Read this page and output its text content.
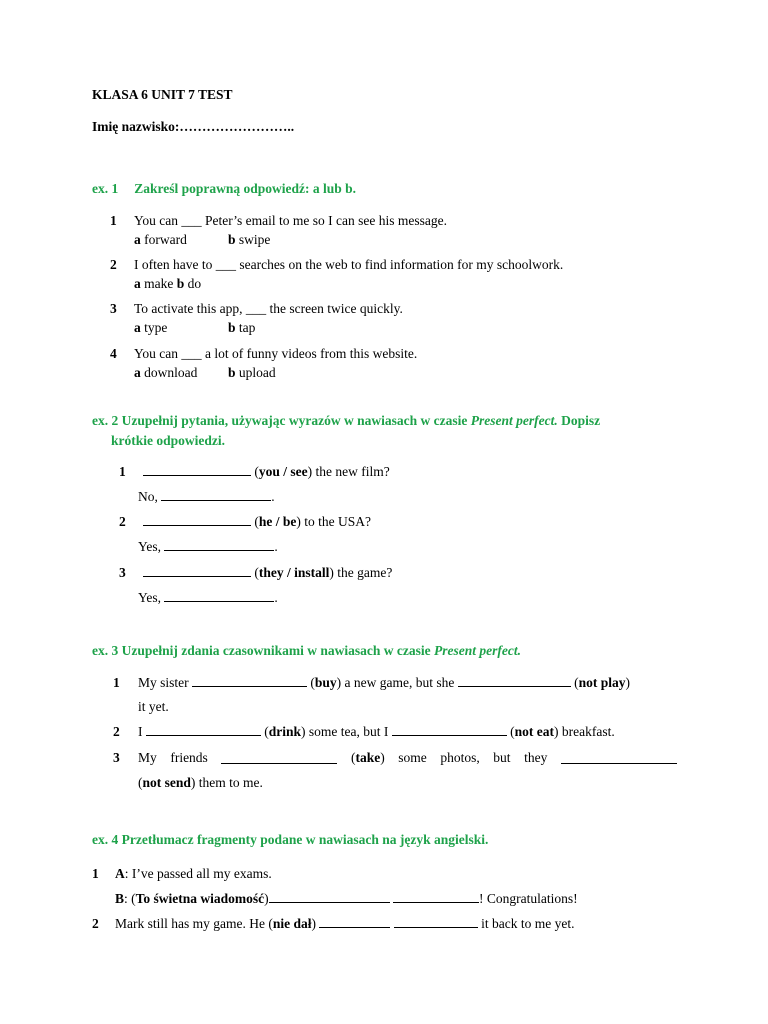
KLASA 6 UNIT 7 TEST
Imię nazwisko:……………………..
ex. 1 Zakreśl poprawną odpowiedź: a lub b.
1 You can ___ Peter’s email to me so I can see his message.
a forward	b swipe
2 I often have to ___ searches on the web to find information for my schoolwork.
a make b do
3 To activate this app, ___ the screen twice quickly.
a type	b tap
4 You can ___ a lot of funny videos from this website.
a download b upload
ex. 2 Uzupełnij pytania, używając wyrazów w nawiasach w czasie Present perfect. Dopisz
krótkie odpowiedzi.
1	(you / see) the new film?
No,	.
2	(he / be) to the USA?
Yes,	.
3	(they / install) the game?
Yes,	.
ex. 3 Uzupełnij zdania czasownikami w nawiasach w czasie Present perfect.
1 My sister	(buy) a new game, but she	(not play)
it yet.
2 I	(drink) some tea, but I	(not eat) breakfast.
3 My friends	(take) some photos, but they
(not send) them to me.
ex. 4 Przetłumacz fragmenty podane w nawiasach na język angielski.
1 A: I’ve passed all my exams.
B: (To świetna wiadomość)	! Congratulations!
2 Mark still has my game. He (nie dał)	it back to me yet.
